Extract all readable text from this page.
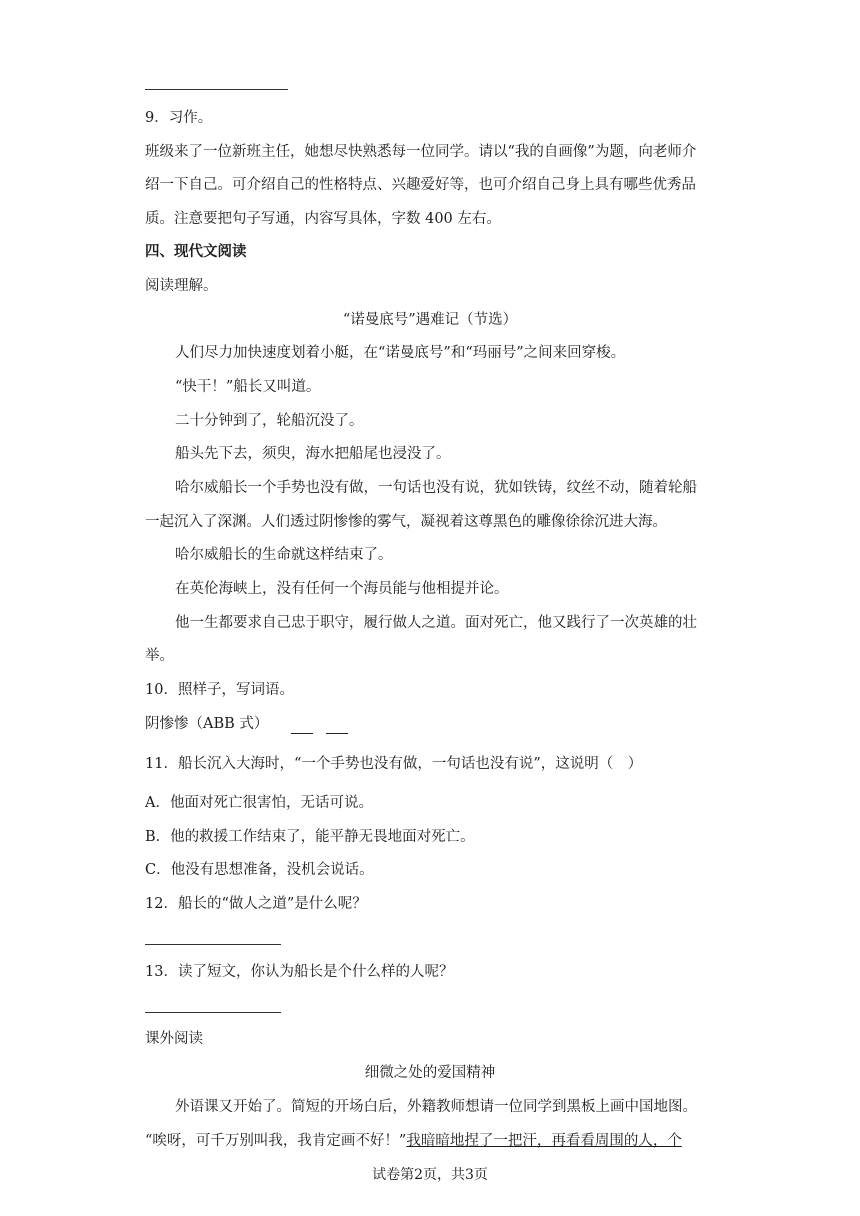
9．习作。
班级来了一位新班主任，她想尽快熟悉每一位同学。请以“我的自画像”为题，向老师介
绍一下自己。可介绍自己的性格特点、兴趣爱好等，也可介绍自己身上具有哪些优秀品
质。注意要把句子写通，内容写具体，字数 400 左右。
四、现代文阅读
阅读理解。
“诺曼底号”遇难记（节选）
人们尽力加快速度划着小艇，在“诺曼底号”和“玛丽号”之间来回穿梭。
“快干！”船长又叫道。
二十分钟到了，轮船沉没了。
船头先下去，须臾，海水把船尾也浸没了。
哈尔威船长一个手势也没有做，一句话也没有说，犹如铁铸，纹丝不动，随着轮船
一起沉入了深渊。人们透过阴惨惨的雾气，凝视着这尊黑色的雕像徐徐沉进大海。
哈尔威船长的生命就这样结束了。
在英伦海峡上，没有任何一个海员能与他相提并论。
他一生都要求自己忠于职守，履行做人之道。面对死亡，他又践行了一次英雄的壮
举。
10．照样子，写词语。
阴惨惨（ABB 式）
11．船长沉入大海时，“一个手势也没有做，一句话也没有说”，这说明（　）
A．他面对死亡很害怕，无话可说。
B．他的救援工作结束了，能平静无畏地面对死亡。
C．他没有思想准备，没机会说话。
12．船长的“做人之道”是什么呢？
13．读了短文，你认为船长是个什么样的人呢？
课外阅读
细微之处的爱国精神
外语课又开始了。简短的开场白后，外籍教师想请一位同学到黑板上画中国地图。
“唉呀，可千万别叫我，我肯定画不好！”我暗暗地捏了一把汗，再看看周围的人，个
试卷第2页，共3页
